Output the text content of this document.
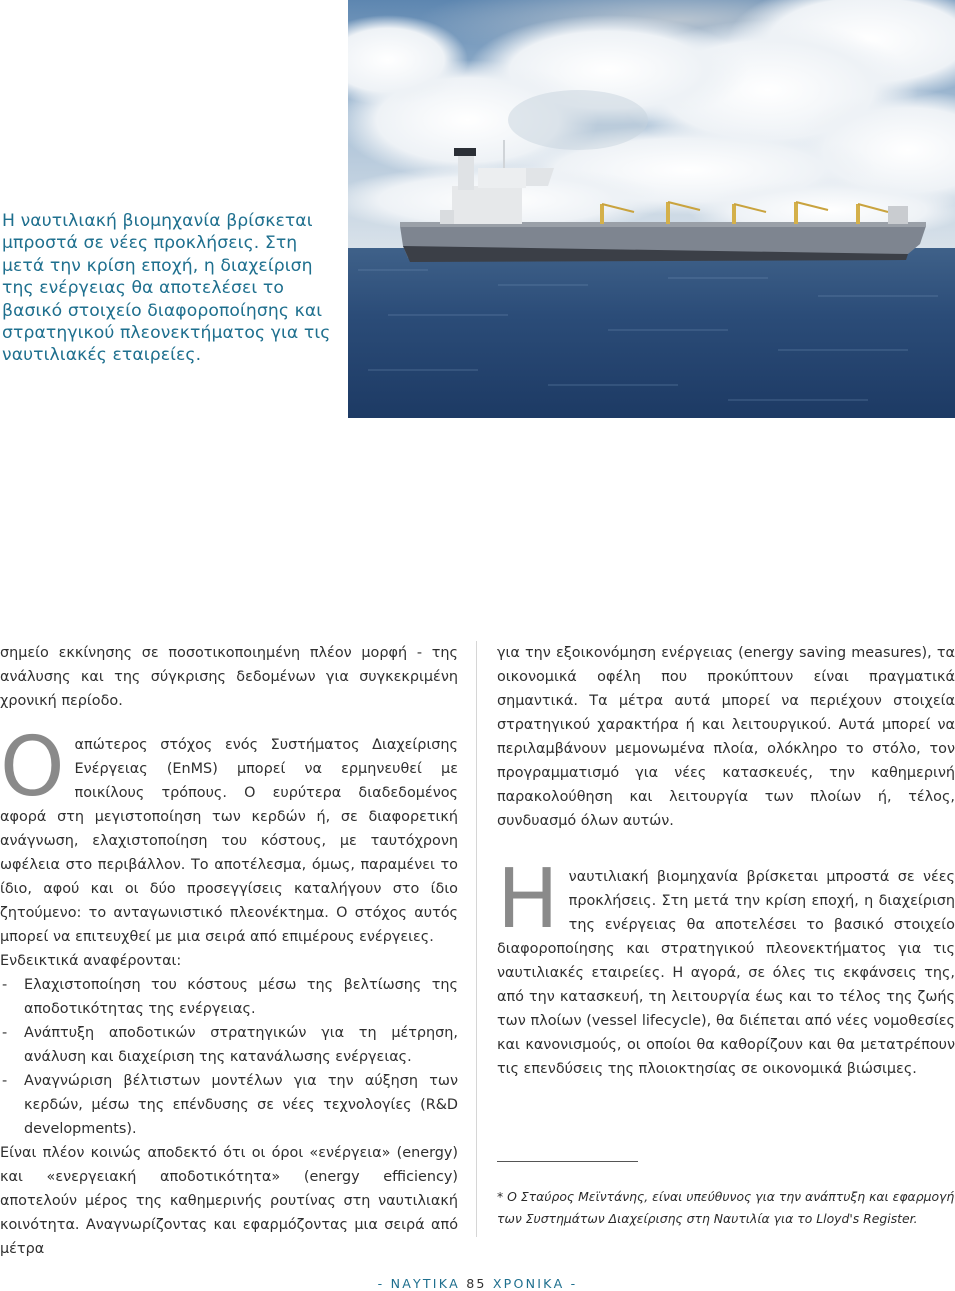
Η ναυτιλιακή βιομηχανία βρίσκεται μπροστά σε νέες προκλήσεις. Στη μετά την κρίση εποχή, η διαχείριση της ενέργειας θα αποτελέσει το βασικό στοιχείο διαφοροποίησης και στρατηγικού πλεονεκτήματος για τις ναυτιλιακές εταιρείες.

σημείο εκκίνησης σε ποσοτικοποιημένη πλέον μορφή - της ανάλυσης και της σύγκρισης δεδομένων για συγκεκριμένη χρονική περίοδο.

Ο απώτερος στόχος ενός Συστήματος Διαχείρισης Ενέργειας (EnMS) μπορεί να ερμηνευθεί με ποικίλους τρόπους. Ο ευρύτερα διαδεδομένος αφορά στη μεγιστοποίηση των κερδών ή, σε διαφορετική ανάγνωση, ελαχιστοποίηση του κόστους, με ταυτόχρονη ωφέλεια στο περιβάλλον. Το αποτέλεσμα, όμως, παραμένει το ίδιο, αφού και οι δύο προσεγγίσεις καταλήγουν στο ίδιο ζητούμενο: το ανταγωνιστικό πλεονέκτημα. Ο στόχος αυτός μπορεί να επιτευχθεί με μια σειρά από επιμέρους ενέργειες.

Ενδεικτικά αναφέρονται:

- Ελαχιστοποίηση του κόστους μέσω της βελτίωσης της αποδοτικότητας της ενέργειας.
- Ανάπτυξη αποδοτικών στρατηγικών για τη μέτρηση, ανάλυση και διαχείριση της κατανάλωσης ενέργειας.
- Αναγνώριση βέλτιστων μοντέλων για την αύξηση των κερδών, μέσω της επένδυσης σε νέες τεχνολογίες (R&D developments).

Είναι πλέον κοινώς αποδεκτό ότι οι όροι «ενέργεια» (energy) και «ενεργειακή αποδοτικότητα» (energy efficiency) αποτελούν μέρος της καθημερινής ρουτίνας στη ναυτιλιακή κοινότητα. Αναγνωρίζοντας και εφαρμόζοντας μια σειρά από μέτρα

για την εξοικονόμηση ενέργειας (energy saving measures), τα οικονομικά οφέλη που προκύπτουν είναι πραγματικά σημαντικά. Τα μέτρα αυτά μπορεί να περιέχουν στοιχεία στρατηγικού χαρακτήρα ή και λειτουργικού. Αυτά μπορεί να περιλαμβάνουν μεμονωμένα πλοία, ολόκληρο το στόλο, τον προγραμματισμό για νέες κατασκευές, την καθημερινή παρακολούθηση και λειτουργία των πλοίων ή, τέλος, συνδυασμό όλων αυτών.

Η ναυτιλιακή βιομηχανία βρίσκεται μπροστά σε νέες προκλήσεις. Στη μετά την κρίση εποχή, η διαχείριση της ενέργειας θα αποτελέσει το βασικό στοιχείο διαφοροποίησης και στρατηγικού πλεονεκτήματος για τις ναυτιλιακές εταιρείες. Η αγορά, σε όλες τις εκφάνσεις της, από την κατασκευή, τη λειτουργία έως και το τέλος της ζωής των πλοίων (vessel lifecycle), θα διέπεται από νέες νομοθεσίες και κανονισμούς, οι οποίοι θα καθορίζουν και θα μετατρέπουν τις επενδύσεις της πλοιοκτησίας σε οικονομικά βιώσιμες.

* Ο Σταύρος Μεϊντάνης, είναι υπεύθυνος για την ανάπτυξη και εφαρμογή των Συστημάτων Διαχείρισης στη Ναυτιλία για το Lloyd's Register.
- ΝΑΥΤΙΚΑ 85 ΧΡΟΝΙΚΑ -
